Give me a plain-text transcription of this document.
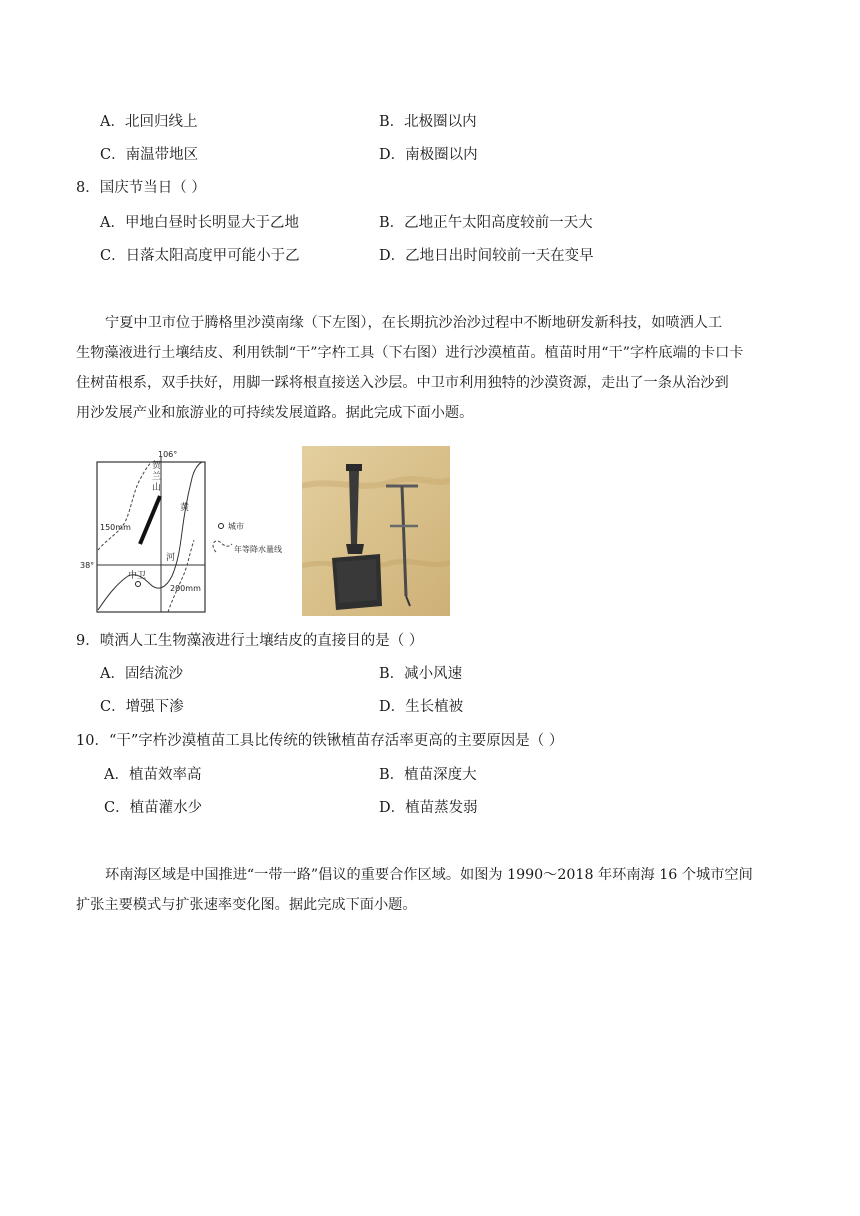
A．北回归线上	B．北极圈以内
C．南温带地区	D．南极圈以内
8．国庆节当日（ ）
A．甲地白昼时长明显大于乙地	B．乙地正午太阳高度较前一天大
C．日落太阳高度甲可能小于乙	D．乙地日出时间较前一天在变早
宁夏中卫市位于腾格里沙漠南缘（下左图），在长期抗沙治沙过程中不断地研发新科技，如喷洒人工
生物藻液进行土壤结皮、利用铁制“干”字杵工具（下右图）进行沙漠植苗。植苗时用“干”字杵底端的卡口卡
住树苗根系，双手扶好，用脚一踩将根直接送入沙层。中卫市利用独特的沙漠资源，走出了一条从治沙到
用沙发展产业和旅游业的可持续发展道路。据此完成下面小题。
106°
38°
贺
兰
山
150mm
黄
河
200mm
中卫
城市
年等降水量线
9．喷洒人工生物藻液进行土壤结皮的直接目的是（ ）
A．固结流沙	B．减小风速
C．增强下渗	D．生长植被
10．“干”字杵沙漠植苗工具比传统的铁锹植苗存活率更高的主要原因是（ ）
A．植苗效率高	B．植苗深度大
C．植苗灌水少	D．植苗蒸发弱
环南海区域是中国推进“一带一路”倡议的重要合作区域。如图为 1990～2018 年环南海 16 个城市空间
扩张主要模式与扩张速率变化图。据此完成下面小题。
